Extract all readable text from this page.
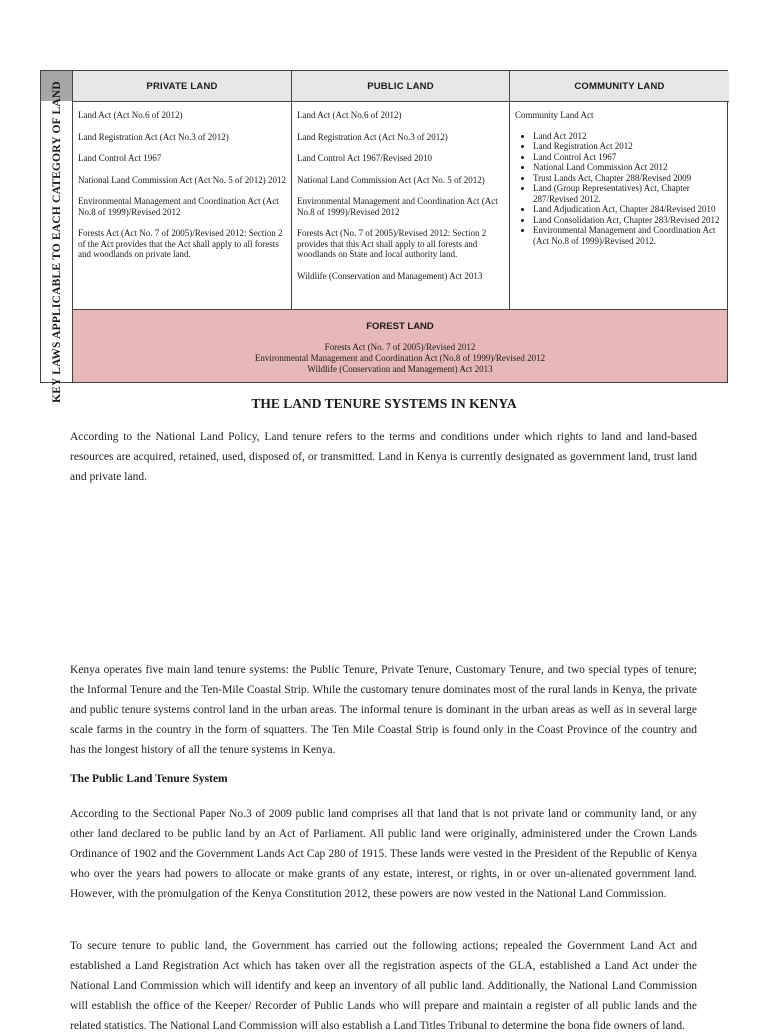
KEY LAWS APPLICABLE TO EACH CATEGORY OF LAND	PRIVATE LAND

Land Act (Act No.6 of 2012)

Land Registration Act (Act No.3 of 2012)

Land Control Act 1967

National Land Commission Act (Act No. 5 of 2012) 2012

Environmental Management and Coordination Act (Act No.8 of 1999)/Revised 2012

Forests Act (Act No. 7 of 2005)/Revised 2012: Section 2 of the Act provides that the Act shall apply to all forests and woodlands on private land.

PUBLIC LAND

Land Act (Act No.6 of 2012)

Land Registration Act (Act No.3 of 2012)

Land Control Act 1967/Revised 2010

National Land Commission Act (Act No. 5 of 2012)

Environmental Management and Coordination Act (Act No.8 of 1999)/Revised 2012

Forests Act (No. 7 of 2005)/Revised 2012: Section 2 provides that this Act shall apply to all forests and woodlands on State and local authority land.

Wildlife (Conservation and Management) Act 2013

COMMUNITY LAND

Community Land Act

• Land Act 2012
• Land Registration Act 2012
• Land Control Act 1967
• National Land Commission Act 2012
• Trust Lands Act, Chapter 288/Revised 2009
• Land (Group Representatives) Act, Chapter 287/Revised 2012.
• Land Adjudication Act, Chapter 284/Revised 2010
• Land Consolidation Act, Chapter 283/Revised 2012
• Environmental Management and Coordination Act (Act No.8 of 1999)/Revised 2012.
FOREST LAND
Forests Act (No. 7 of 2005)/Revised 2012
Environmental Management and Coordination Act (No.8 of 1999)/Revised 2012
Wildlife (Conservation and Management) Act 2013
THE LAND TENURE SYSTEMS IN KENYA

According to the National Land Policy, Land tenure refers to the terms and conditions under which rights to land and land-based resources are acquired, retained, used, disposed of, or transmitted. Land in Kenya is currently designated as government land, trust land and private land.

Kenya operates five main land tenure systems: the Public Tenure, Private Tenure, Customary Tenure, and two special types of tenure; the Informal Tenure and the Ten-Mile Coastal Strip. While the customary tenure dominates most of the rural lands in Kenya, the private and public tenure systems control land in the urban areas. The informal tenure is dominant in the urban areas as well as in several large scale farms in the country in the form of squatters. The Ten Mile Coastal Strip is found only in the Coast Province of the country and has the longest history of all the tenure systems in Kenya.

The Public Land Tenure System

According to the Sectional Paper No.3 of 2009 public land comprises all that land that is not private land or community land, or any other land declared to be public land by an Act of Parliament. All public land were originally, administered under the Crown Lands Ordinance of 1902 and the Government Lands Act Cap 280 of 1915. These lands were vested in the President of the Republic of Kenya who over the years had powers to allocate or make grants of any estate, interest, or rights, in or over un-alienated government land. However, with the promulgation of the Kenya Constitution 2012, these powers are now vested in the National Land Commission.

To secure tenure to public land, the Government has carried out the following actions; repealed the Government Land Act and established a Land Registration Act which has taken over all the registration aspects of the GLA, established a Land Act under the National Land Commission which will identify and keep an inventory of all public land. Additionally, the National Land Commission will establish the office of the Keeper/ Recorder of Public Lands who will prepare and maintain a register of all public lands and the related statistics. The National Land Commission will also establish a Land Titles Tribunal to determine the bona fide owners of land.
